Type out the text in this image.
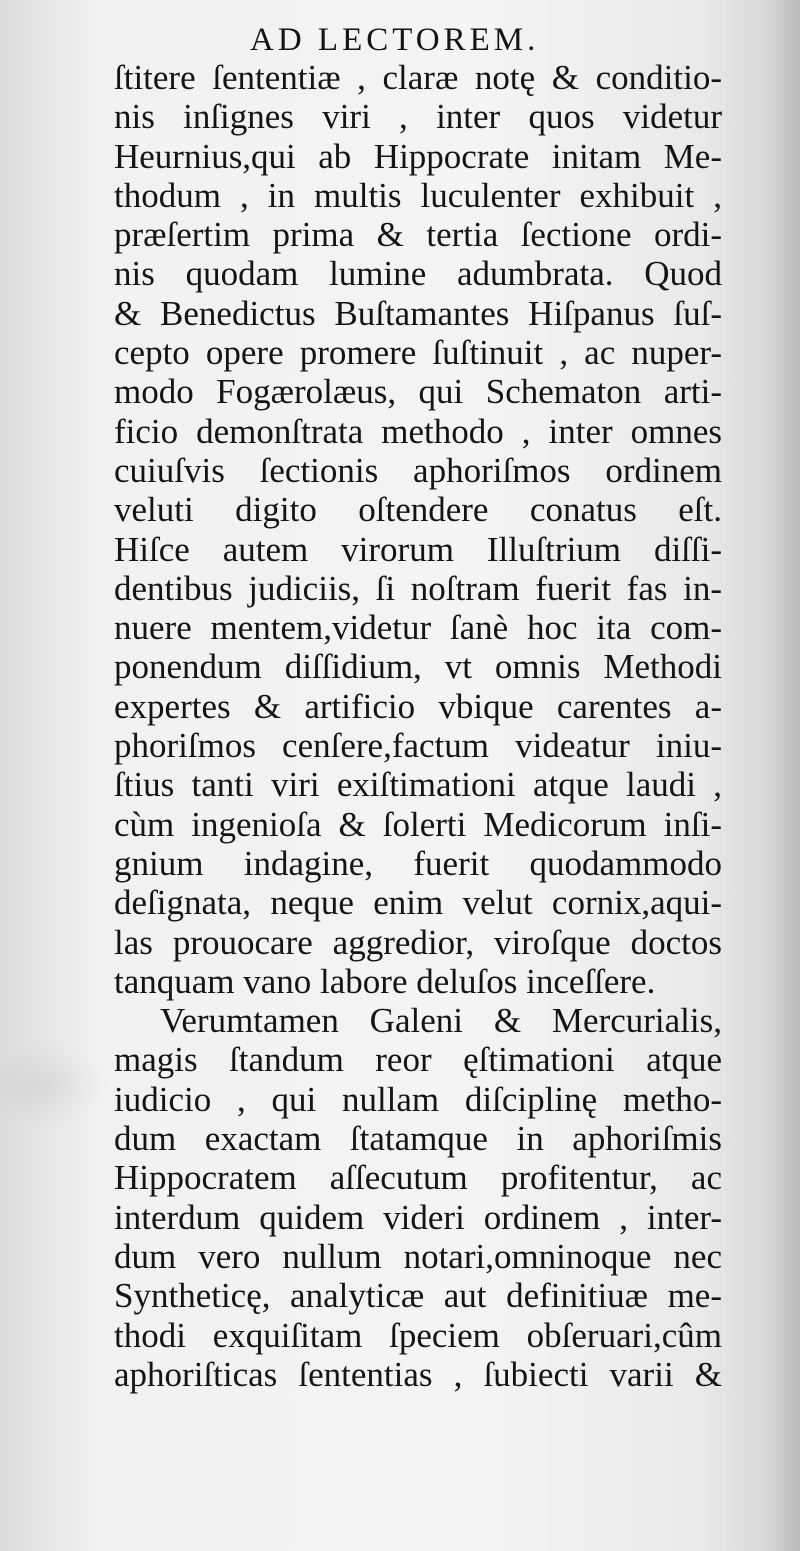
AD LECTOREM.
ſtitere ſententiæ , claræ notę & conditio-
nis inſignes viri , inter quos videtur
Heurnius,qui ab Hippocrate initam Me-
thodum , in multis luculenter exhibuit ,
præſertim prima & tertia ſectione ordi-
nis quodam lumine adumbrata. Quod
& Benedictus Buſtamantes Hiſpanus ſuſ-
cepto opere promere ſuſtinuit , ac nuper-
modo Fogærolæus, qui Schematon arti-
ficio demonſtrata methodo , inter omnes
cuiuſvis ſectionis aphoriſmos ordinem
veluti digito oſtendere conatus eſt.
Hiſce autem virorum Illuſtrium diſſi-
dentibus judiciis, ſi noſtram fuerit fas in-
nuere mentem,videtur ſanè hoc ita com-
ponendum diſſidium, vt omnis Methodi
expertes & artificio vbique carentes a-
phoriſmos cenſere,factum videatur iniu-
ſtius tanti viri exiſtimationi atque laudi ,
cùm ingenioſa & ſolerti Medicorum inſi-
gnium indagine, fuerit quodammodo
deſignata, neque enim velut cornix,aqui-
las prouocare aggredior, viroſque doctos
tanquam vano labore deluſos inceſſere.
Verumtamen Galeni & Mercurialis,
magis ſtandum reor ęſtimationi atque
iudicio , qui nullam diſciplinę metho-
dum exactam ſtatamque in aphoriſmis
Hippocratem aſſecutum profitentur, ac
interdum quidem videri ordinem , inter-
dum vero nullum notari,omninoque nec
Syntheticę, analyticæ aut definitiuæ me-
thodi exquiſitam ſpeciem obſeruari,cûm
aphoriſticas ſententias , ſubiecti varii &
